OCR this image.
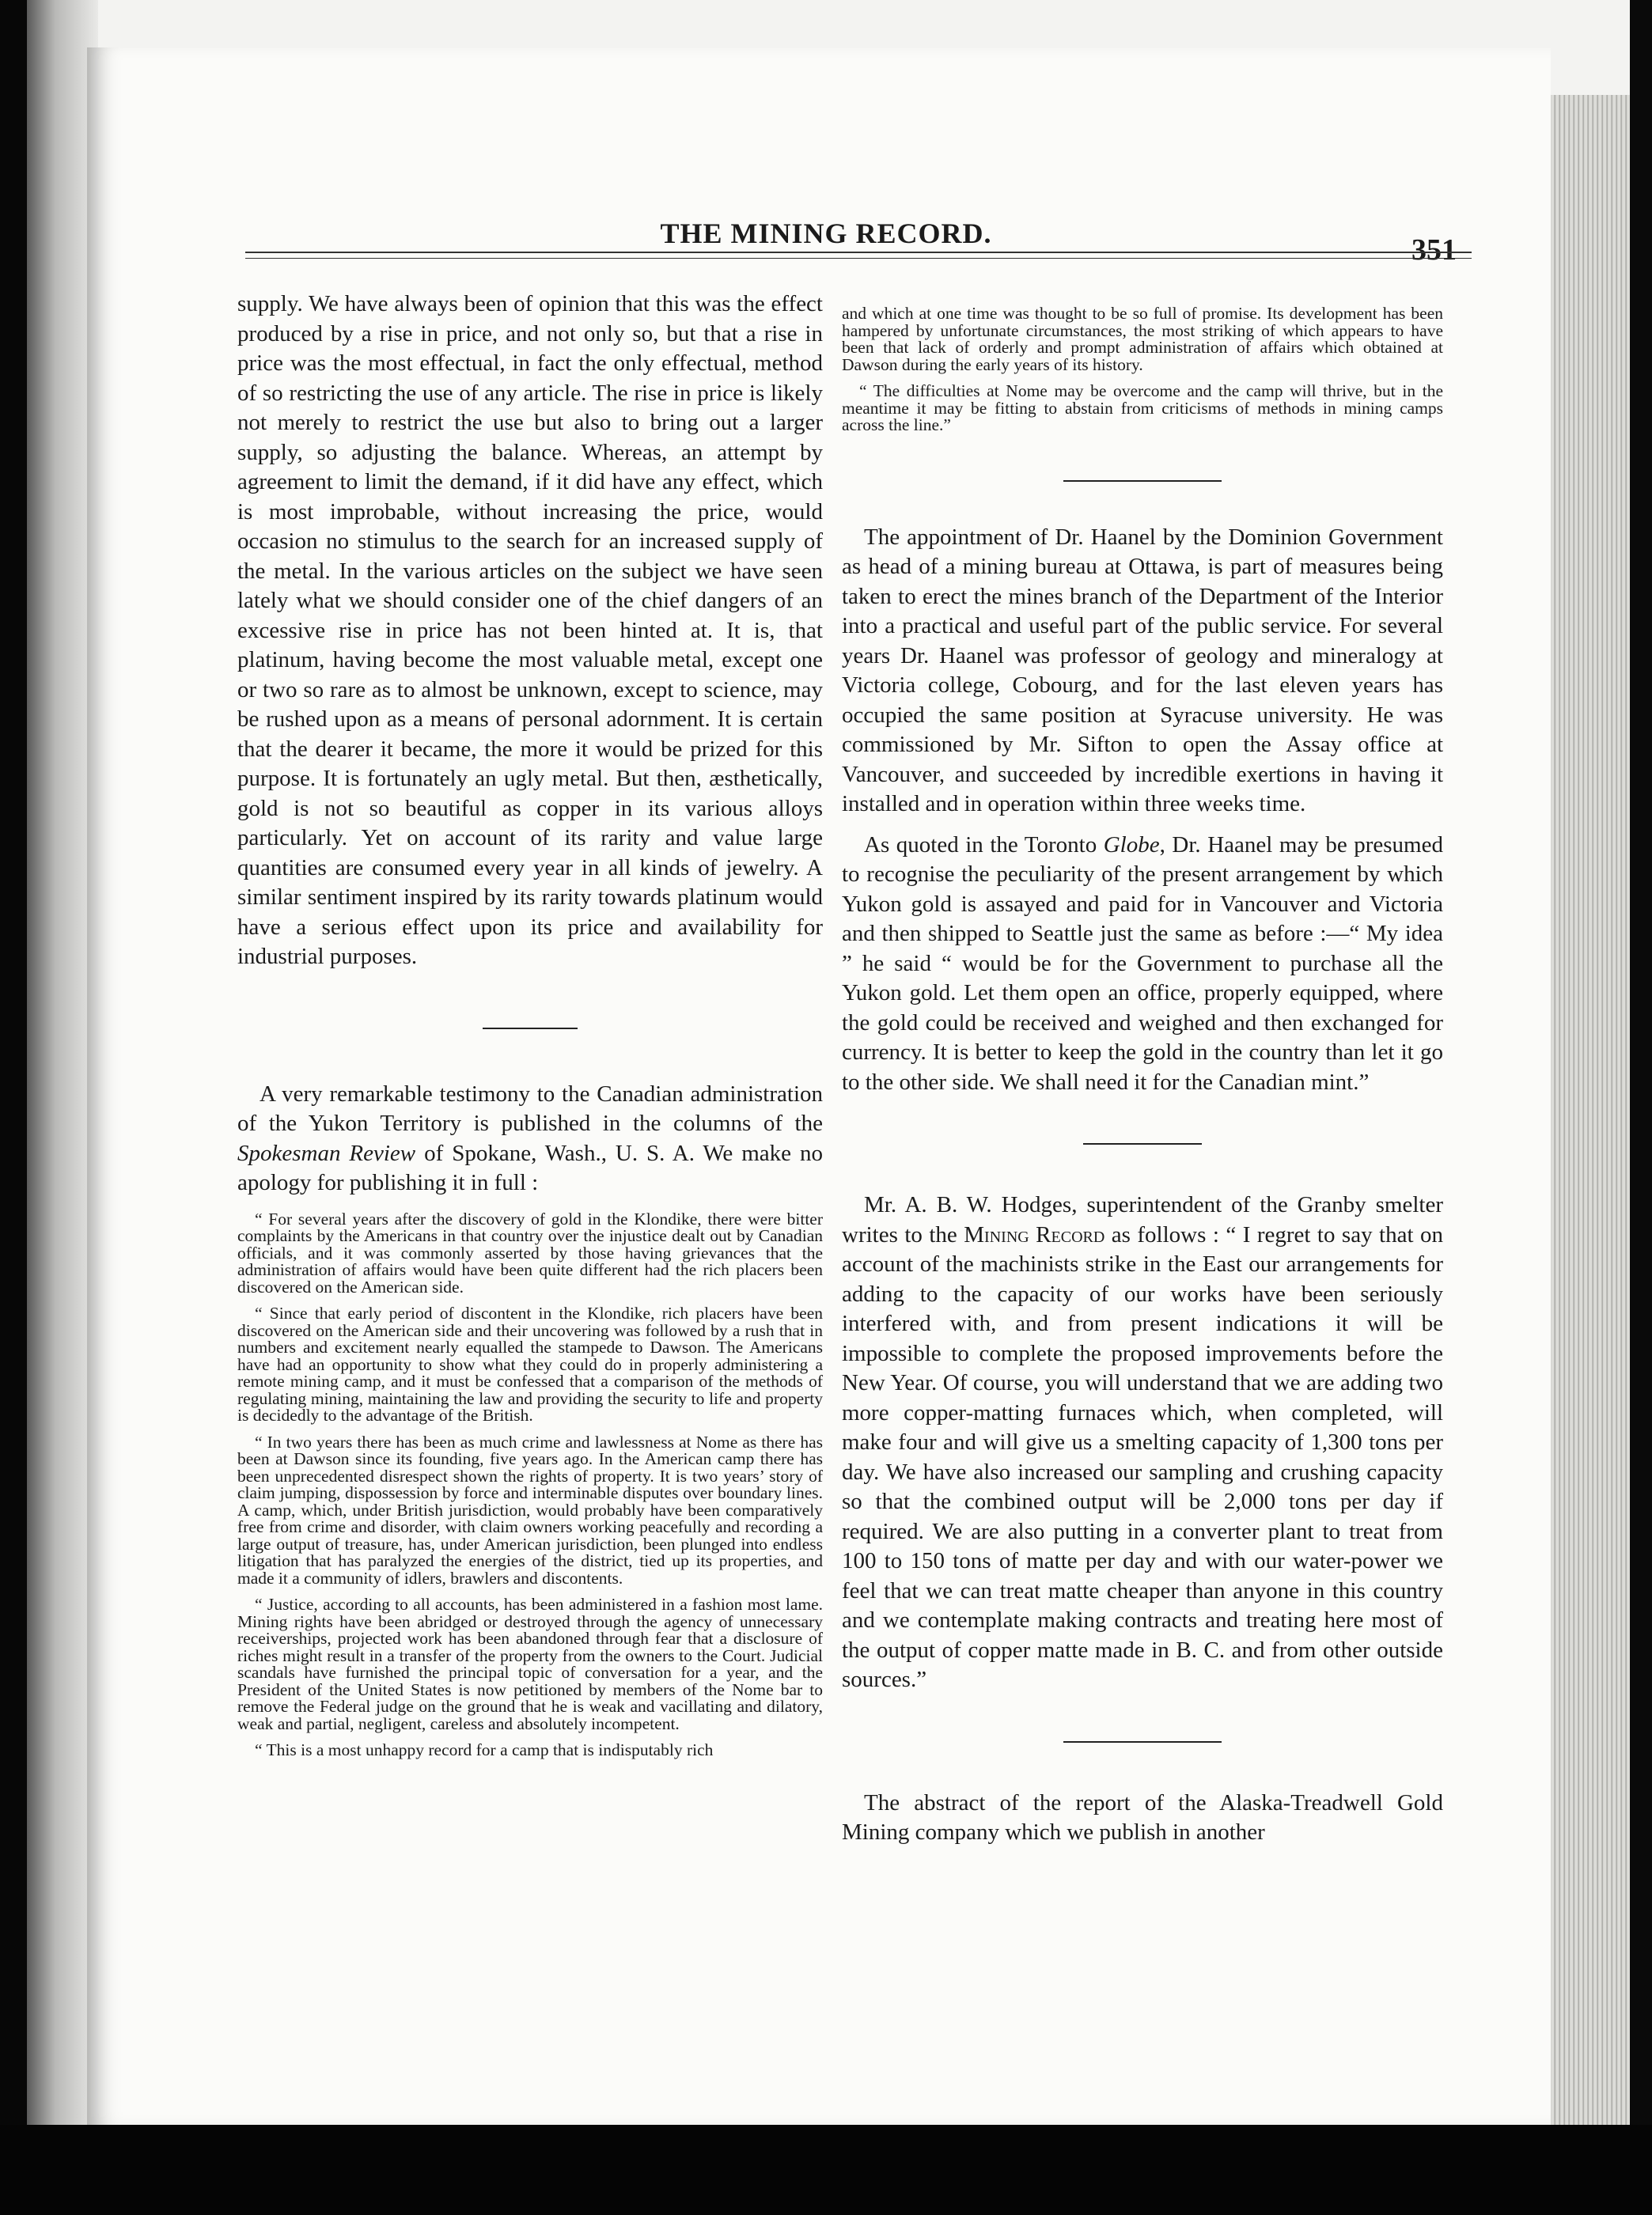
THE MINING RECORD.	351

supply. We have always been of opinion that this was the effect produced by a rise in price, and not only so, but that a rise in price was the most effectual, in fact the only effectual, method of so restricting the use of any article. The rise in price is likely not merely to restrict the use but also to bring out a larger supply, so adjusting the balance. Whereas, an attempt by agreement to limit the demand, if it did have any effect, which is most improbable, without increasing the price, would occasion no stimulus to the search for an increased supply of the metal. In the various articles on the subject we have seen lately what we should consider one of the chief dangers of an excessive rise in price has not been hinted at. It is, that platinum, having become the most valuable metal, except one or two so rare as to almost be unknown, except to science, may be rushed upon as a means of personal adornment. It is certain that the dearer it became, the more it would be prized for this purpose. It is fortunately an ugly metal. But then, æsthetically, gold is not so beautiful as copper in its various alloys particularly. Yet on account of its rarity and value large quantities are consumed every year in all kinds of jewelry. A similar sentiment inspired by its rarity towards platinum would have a serious effect upon its price and availability for industrial purposes.

A very remarkable testimony to the Canadian administration of the Yukon Territory is published in the columns of the Spokesman Review of Spokane, Wash., U. S. A. We make no apology for publishing it in full :

“ For several years after the discovery of gold in the Klondike, there were bitter complaints by the Americans in that country over the injustice dealt out by Canadian officials, and it was commonly asserted by those having grievances that the administration of affairs would have been quite different had the rich placers been discovered on the American side.

“ Since that early period of discontent in the Klondike, rich placers have been discovered on the American side and their uncovering was followed by a rush that in numbers and excitement nearly equalled the stampede to Dawson. The Americans have had an opportunity to show what they could do in properly administering a remote mining camp, and it must be confessed that a comparison of the methods of regulating mining, maintaining the law and providing the security to life and property is decidedly to the advantage of the British.

“ In two years there has been as much crime and lawlessness at Nome as there has been at Dawson since its founding, five years ago. In the American camp there has been unprecedented disrespect shown the rights of property. It is two years’ story of claim jumping, dispossession by force and interminable disputes over boundary lines. A camp, which, under British jurisdiction, would probably have been comparatively free from crime and disorder, with claim owners working peacefully and recording a large output of treasure, has, under American jurisdiction, been plunged into endless litigation that has paralyzed the energies of the district, tied up its properties, and made it a community of idlers, brawlers and discontents.

“ Justice, according to all accounts, has been administered in a fashion most lame. Mining rights have been abridged or destroyed through the agency of unnecessary receiverships, projected work has been abandoned through fear that a disclosure of riches might result in a transfer of the property from the owners to the Court. Judicial scandals have furnished the principal topic of conversation for a year, and the President of the United States is now petitioned by members of the Nome bar to remove the Federal judge on the ground that he is weak and vacillating and dilatory, weak and partial, negligent, careless and absolutely incompetent.

“ This is a most unhappy record for a camp that is indisputably rich

and which at one time was thought to be so full of promise. Its development has been hampered by unfortunate circumstances, the most striking of which appears to have been that lack of orderly and prompt administration of affairs which obtained at Dawson during the early years of its history.

“ The difficulties at Nome may be overcome and the camp will thrive, but in the meantime it may be fitting to abstain from criticisms of methods in mining camps across the line.”

The appointment of Dr. Haanel by the Dominion Government as head of a mining bureau at Ottawa, is part of measures being taken to erect the mines branch of the Department of the Interior into a practical and useful part of the public service. For several years Dr. Haanel was professor of geology and mineralogy at Victoria college, Cobourg, and for the last eleven years has occupied the same position at Syracuse university. He was commissioned by Mr. Sifton to open the Assay office at Vancouver, and succeeded by incredible exertions in having it installed and in operation within three weeks time.

As quoted in the Toronto Globe, Dr. Haanel may be presumed to recognise the peculiarity of the present arrangement by which Yukon gold is assayed and paid for in Vancouver and Victoria and then shipped to Seattle just the same as before :—“ My idea ” he said “ would be for the Government to purchase all the Yukon gold. Let them open an office, properly equipped, where the gold could be received and weighed and then exchanged for currency. It is better to keep the gold in the country than let it go to the other side. We shall need it for the Canadian mint.”

Mr. A. B. W. Hodges, superintendent of the Granby smelter writes to the Mining Record as follows : “ I regret to say that on account of the machinists strike in the East our arrangements for adding to the capacity of our works have been seriously interfered with, and from present indications it will be impossible to complete the proposed improvements before the New Year. Of course, you will understand that we are adding two more copper-matting furnaces which, when completed, will make four and will give us a smelting capacity of 1,300 tons per day. We have also increased our sampling and crushing capacity so that the combined output will be 2,000 tons per day if required. We are also putting in a converter plant to treat from 100 to 150 tons of matte per day and with our water-power we feel that we can treat matte cheaper than anyone in this country and we contemplate making contracts and treating here most of the output of copper matte made in B. C. and from other outside sources.”

The abstract of the report of the Alaska-Treadwell Gold Mining company which we publish in another
